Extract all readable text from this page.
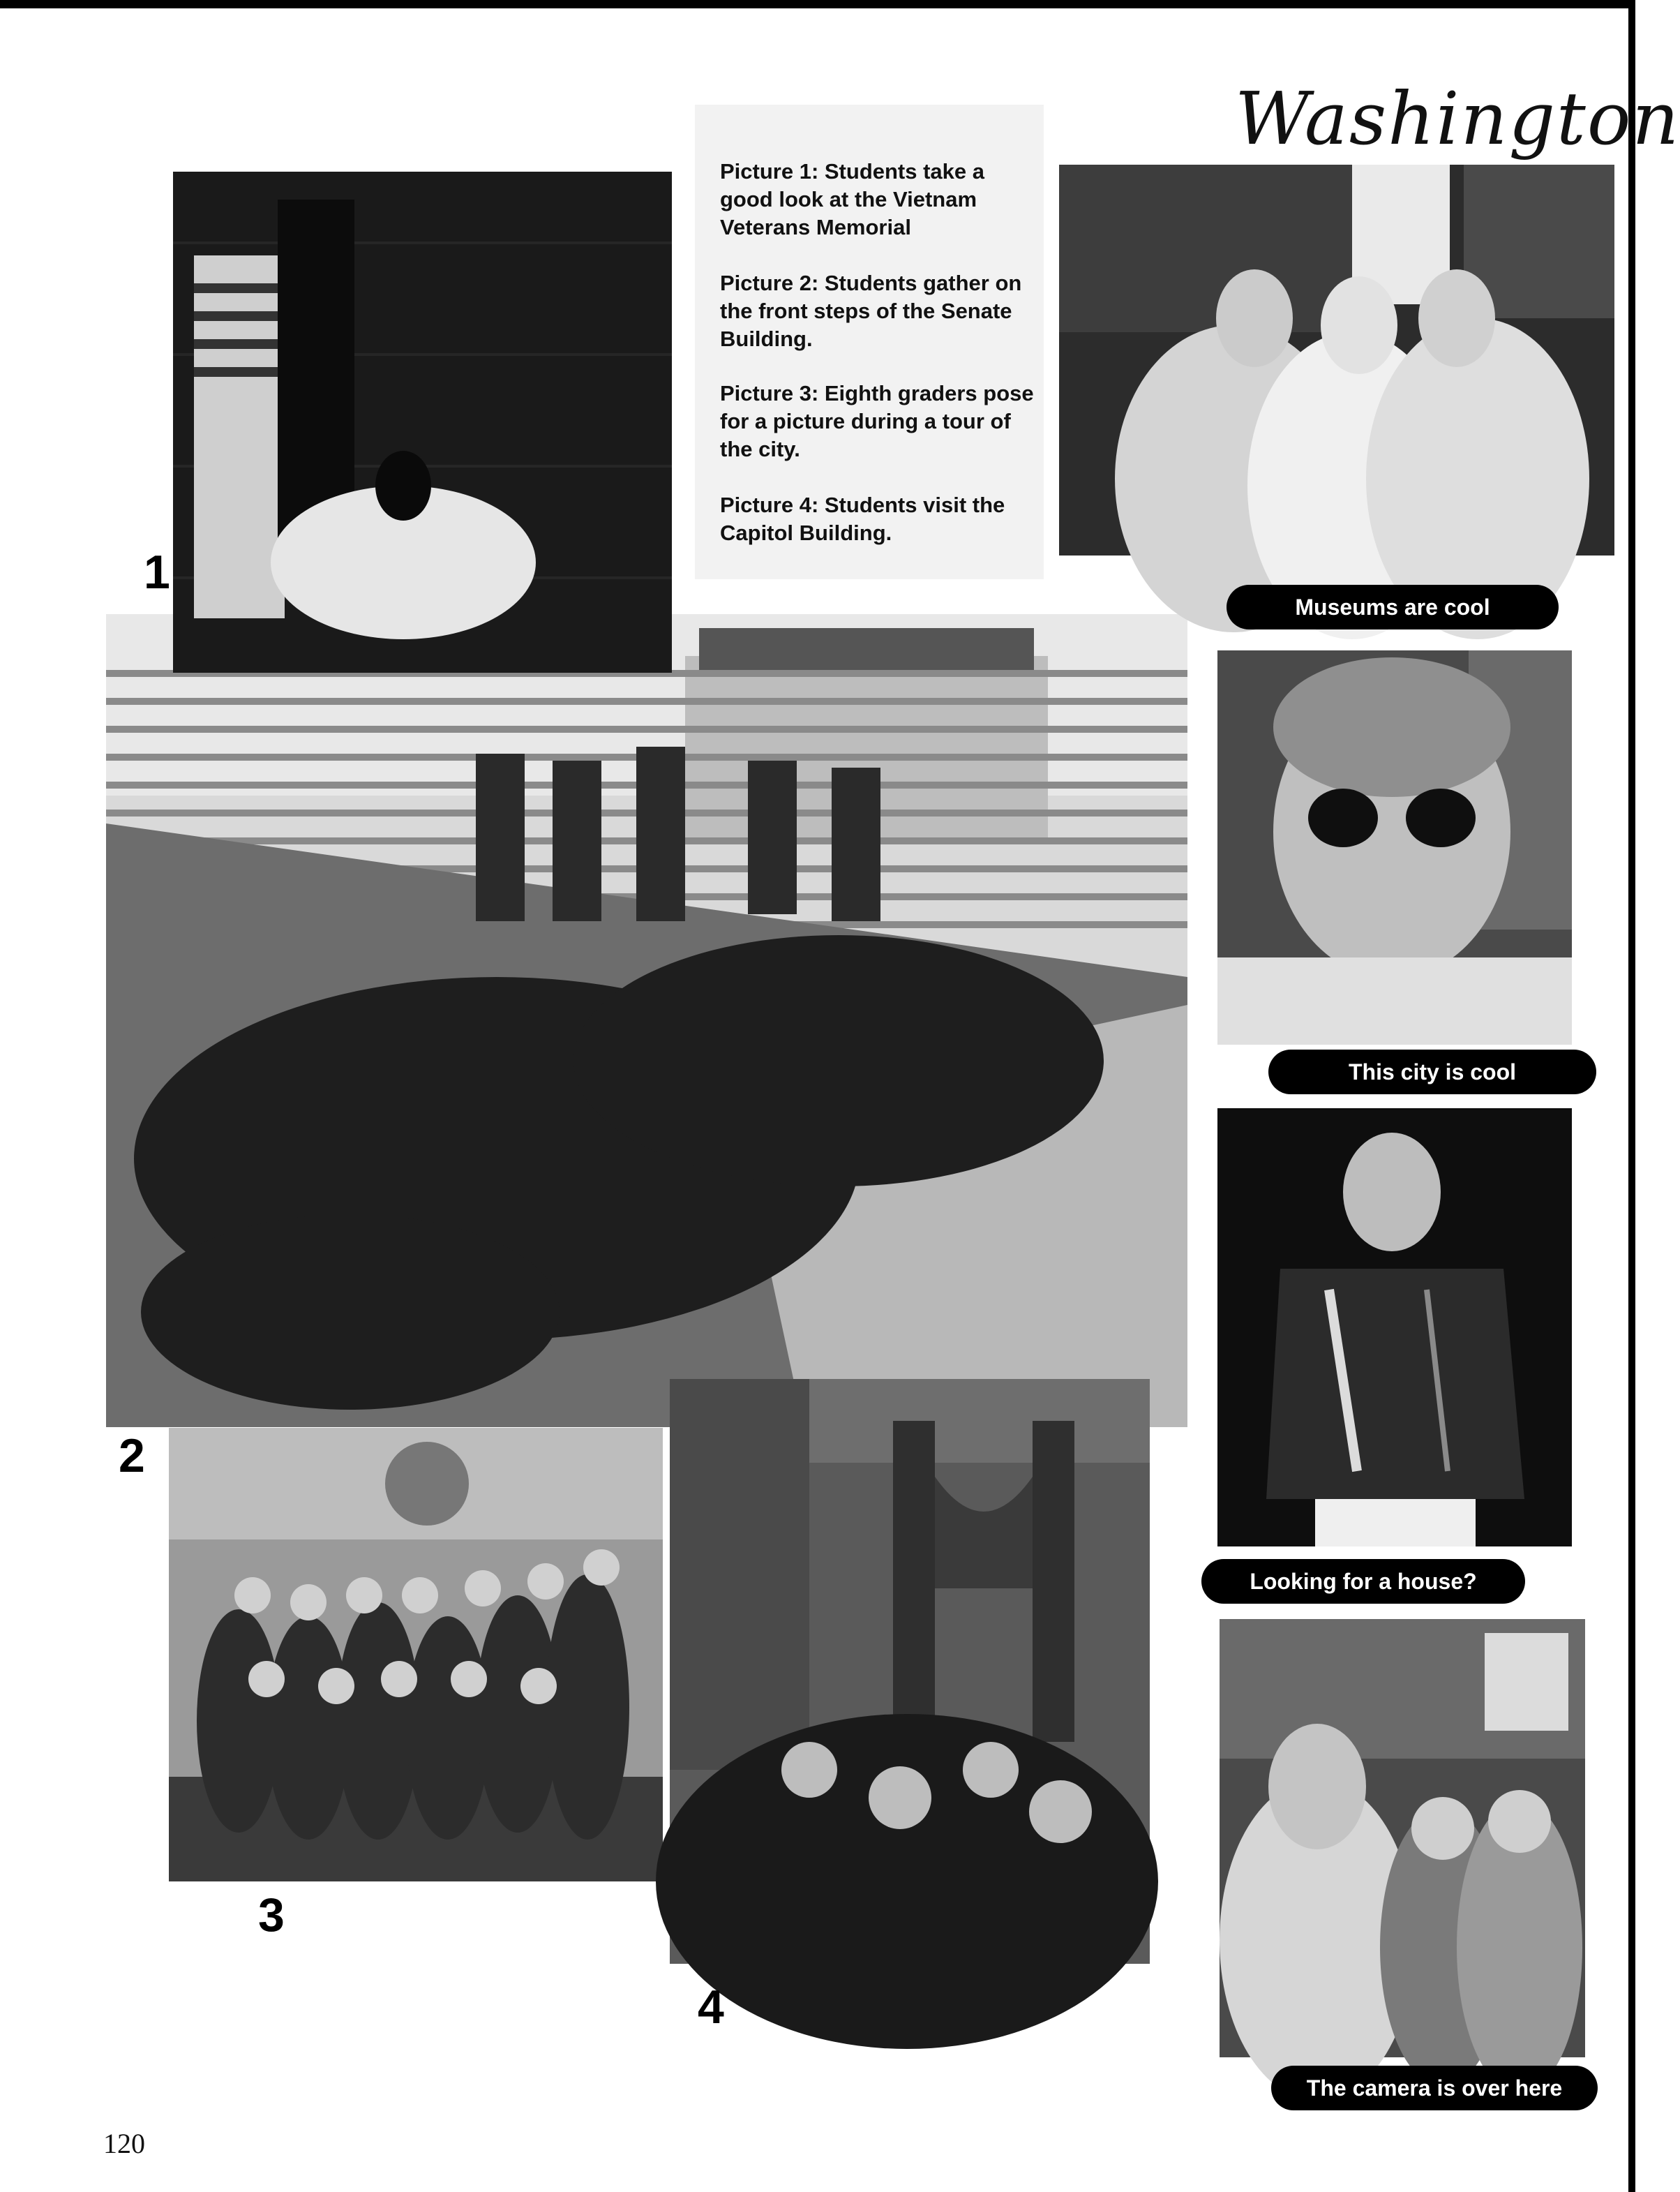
Picture 1: Students take a good look at the Vietnam Veterans Memorial
Picture 2: Students gather on the front steps of the Senate Building.
Picture 3: Eighth graders pose for a picture during a tour of the city.
Picture 4: Students visit the Capitol Building.
Washington
1
2
3
4
Museums are cool
This city is cool
Looking for a house?
The camera is over here
120
